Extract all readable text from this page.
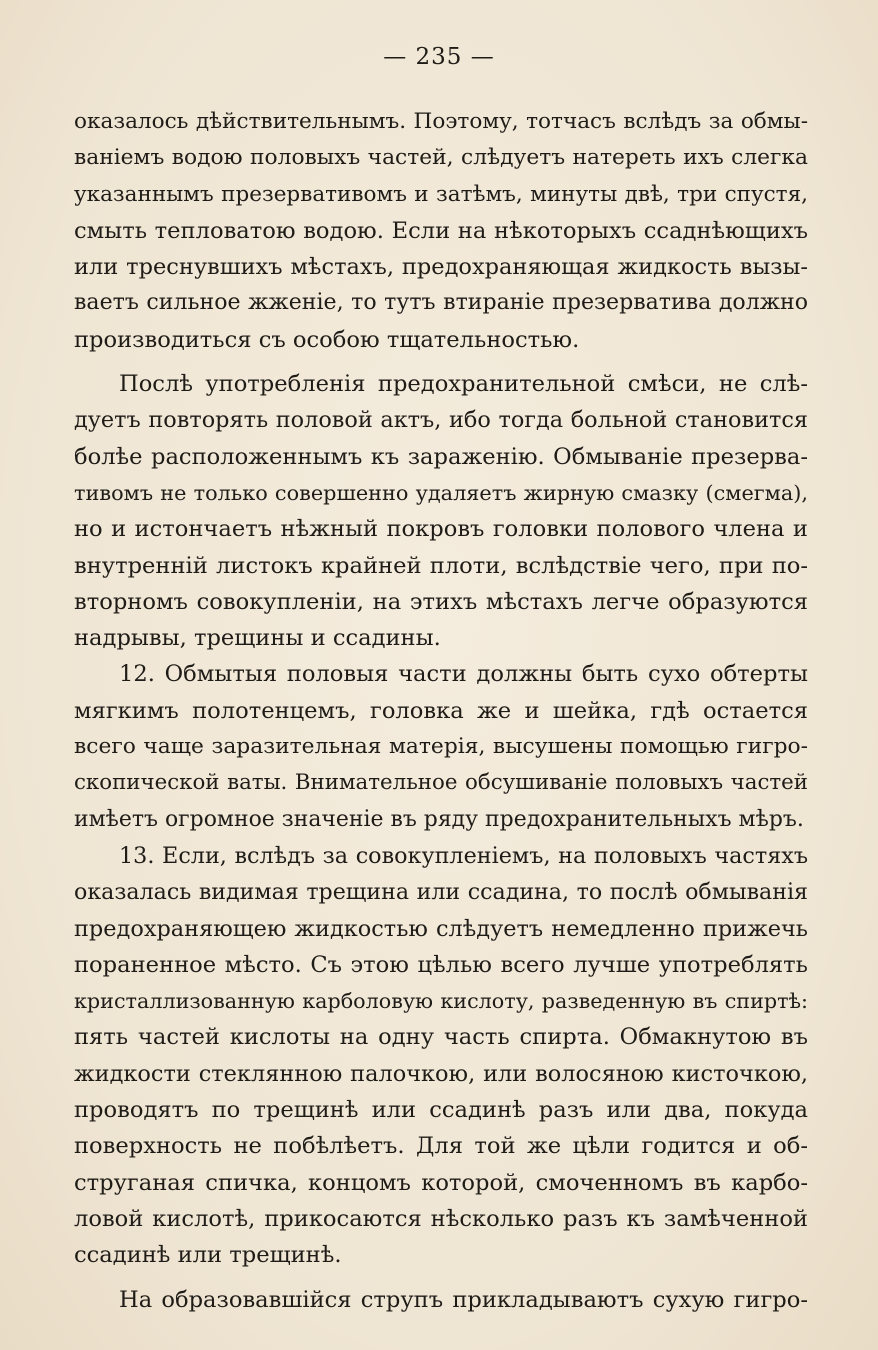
— 235 —
оказалось дѣйствительнымъ. Поэтому, тотчасъ вслѣдъ за обмы-
ваніемъ водою половыхъ частей, слѣдуетъ натереть ихъ слегка
указаннымъ презервативомъ и затѣмъ, минуты двѣ, три спустя,
смыть тепловатою водою. Если на нѣкоторыхъ ссаднѣющихъ
или треснувшихъ мѣстахъ, предохраняющая жидкость вызы-
ваетъ сильное жженіе, то тутъ втираніе презерватива должно
производиться съ особою тщательностью.
Послѣ употребленія предохранительной смѣси, не слѣ-
дуетъ повторять половой актъ, ибо тогда больной становится
болѣе расположеннымъ къ зараженію. Обмываніе презерва-
тивомъ не только совершенно удаляетъ жирную смазку (смегма),
но и истончаетъ нѣжный покровъ головки полового члена и
внутренній листокъ крайней плоти, вслѣдствіе чего, при по-
вторномъ совокупленіи, на этихъ мѣстахъ легче образуются
надрывы, трещины и ссадины.
12. Обмытыя половыя части должны быть сухо обтерты
мягкимъ полотенцемъ, головка же и шейка, гдѣ остается
всего чаще заразительная матерія, высушены помощью гигро-
скопической ваты. Внимательное обсушиваніе половыхъ частей
имѣетъ огромное значеніе въ ряду предохранительныхъ мѣръ.
13. Если, вслѣдъ за совокупленіемъ, на половыхъ частяхъ
оказалась видимая трещина или ссадина, то послѣ обмыванія
предохраняющею жидкостью слѣдуетъ немедленно прижечь
пораненное мѣсто. Съ этою цѣлью всего лучше употреблять
кристаллизованную карболовую кислоту, разведенную въ спиртѣ:
пять частей кислоты на одну часть спирта. Обмакнутою въ
жидкости стеклянною палочкою, или волосяною кисточкою,
проводятъ по трещинѣ или ссадинѣ разъ или два, покуда
поверхность не побѣлѣетъ. Для той же цѣли годится и об-
струганая спичка, концомъ которой, смоченномъ въ карбо-
ловой кислотѣ, прикосаются нѣсколько разъ къ замѣченной
ссадинѣ или трещинѣ.
На образовавшійся струпъ прикладываютъ сухую гигро-
